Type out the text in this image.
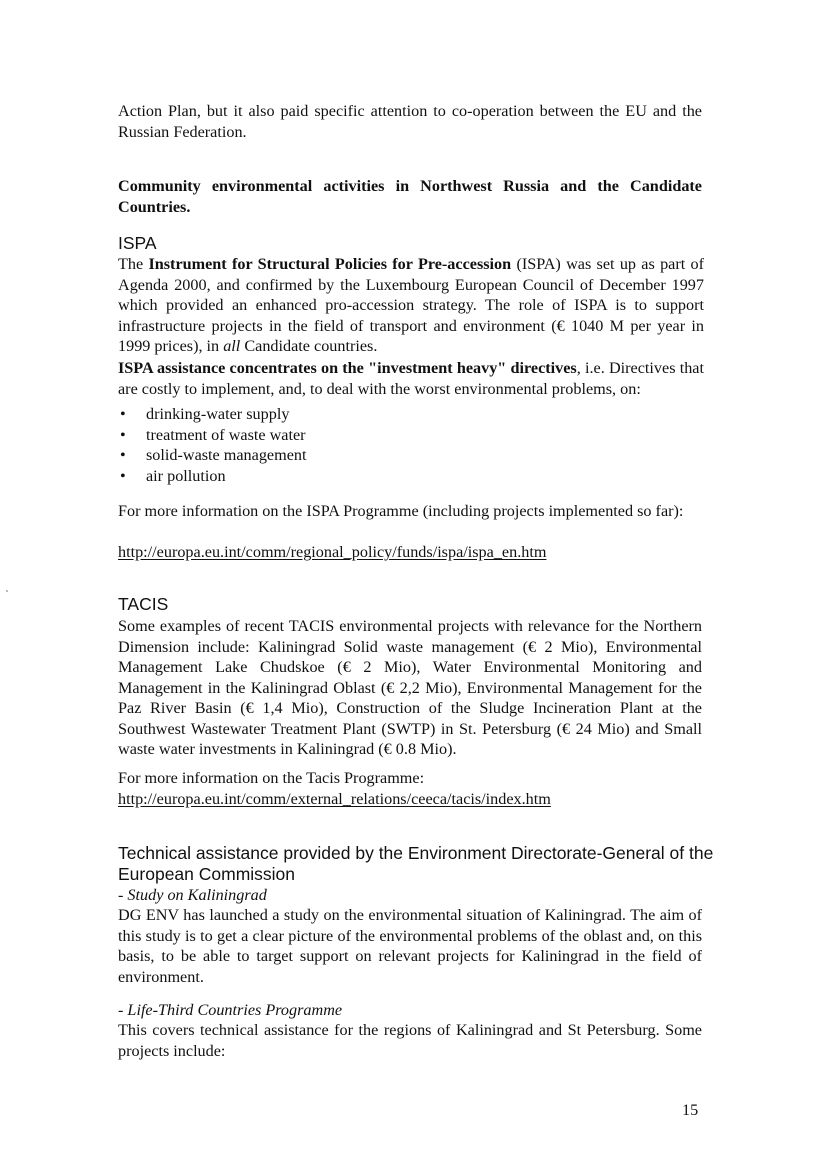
Action Plan, but it also paid specific attention to co-operation between the EU and the
Russian Federation.
Community environmental activities in Northwest Russia and the Candidate
Countries.
ISPA

The Instrument for Structural Policies for Pre-accession (ISPA) was set up as part of Agenda 2000, and confirmed by the Luxembourg European Council of December 1997 which provided an enhanced pro-accession strategy. The role of ISPA is to support infrastructure projects in the field of transport and environment (€ 1040 M per year in 1999 prices), in all Candidate countries.

ISPA assistance concentrates on the "investment heavy" directives, i.e. Directives that are costly to implement, and, to deal with the worst environmental problems, on:

• drinking-water supply
• treatment of waste water
• solid-waste management
• air pollution

For more information on the ISPA Programme (including projects implemented so far):

http://europa.eu.int/comm/regional_policy/funds/ispa/ispa_en.htm
TACIS

Some examples of recent TACIS environmental projects with relevance for the Northern Dimension include: Kaliningrad Solid waste management (€ 2 Mio), Environmental Management Lake Chudskoe (€ 2 Mio), Water Environmental Monitoring and Management in the Kaliningrad Oblast (€ 2,2 Mio), Environmental Management for the Paz River Basin (€ 1,4 Mio), Construction of the Sludge Incineration Plant at the Southwest Wastewater Treatment Plant (SWTP) in St. Petersburg (€ 24 Mio) and Small waste water investments in Kaliningrad (€ 0.8 Mio).

For more information on the Tacis Programme:
http://europa.eu.int/comm/external_relations/ceeca/tacis/index.htm
Technical assistance provided by the Environment Directorate-General of the
European Commission
- Study on Kaliningrad

DG ENV has launched a study on the environmental situation of Kaliningrad. The aim of this study is to get a clear picture of the environmental problems of the oblast and, on this basis, to be able to target support on relevant projects for Kaliningrad in the field of environment.

- Life-Third Countries Programme

This covers technical assistance for the regions of Kaliningrad and St Petersburg. Some projects include:

15
